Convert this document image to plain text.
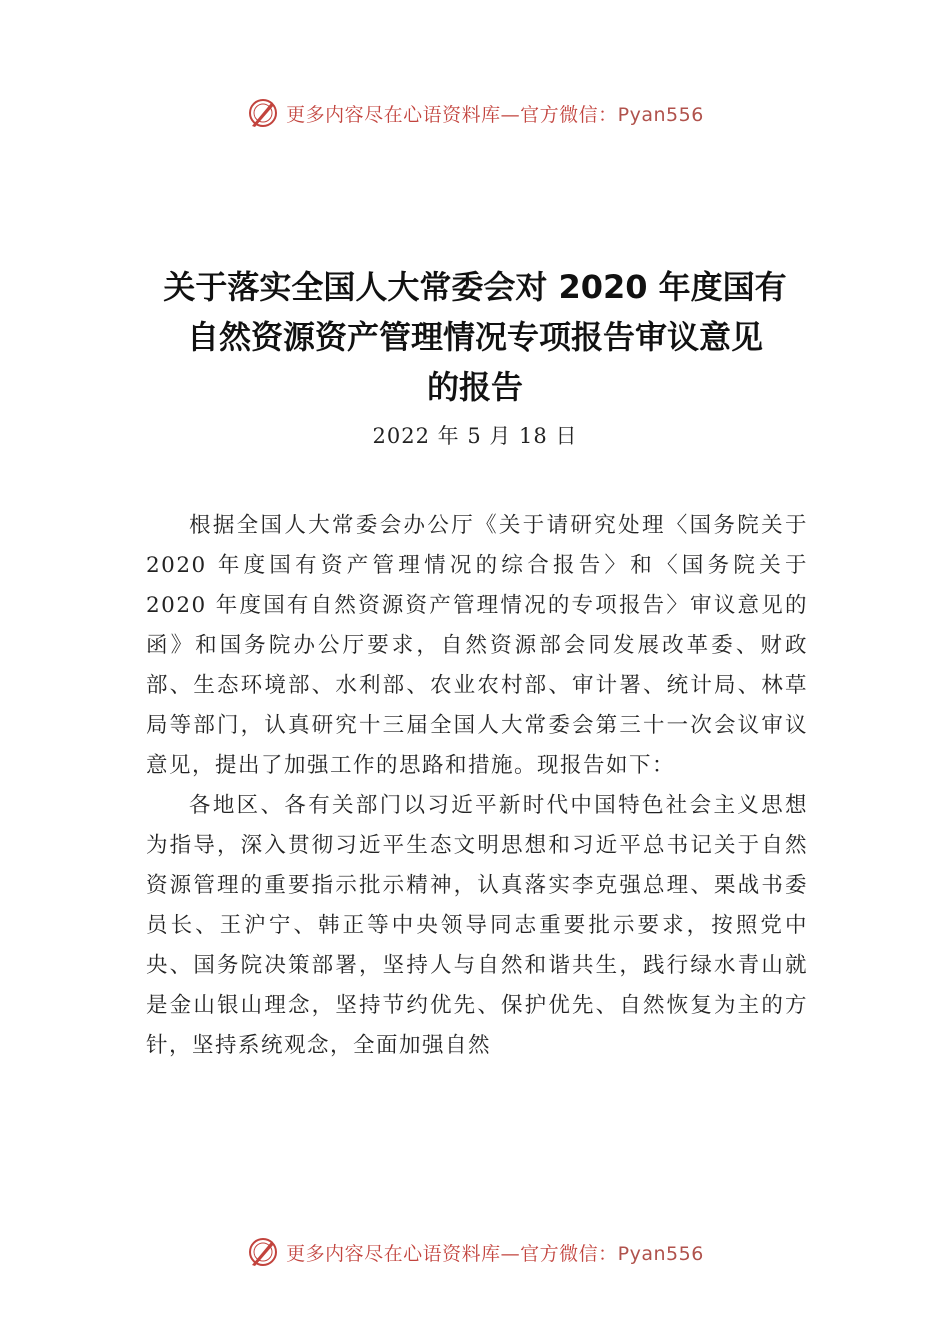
更多内容尽在心语资料库—官方微信：Pyan556
关于落实全国人大常委会对 2020 年度国有
自然资源资产管理情况专项报告审议意见
的报告
2022 年 5 月 18 日

根据全国人大常委会办公厅《关于请研究处理〈国务院关于 2020 年度国有资产管理情况的综合报告〉和〈国务院关于 2020 年度国有自然资源资产管理情况的专项报告〉审议意见的函》和国务院办公厅要求，自然资源部会同发展改革委、财政部、生态环境部、水利部、农业农村部、审计署、统计局、林草局等部门，认真研究十三届全国人大常委会第三十一次会议审议意见，提出了加强工作的思路和措施。现报告如下：

各地区、各有关部门以习近平新时代中国特色社会主义思想为指导，深入贯彻习近平生态文明思想和习近平总书记关于自然资源管理的重要指示批示精神，认真落实李克强总理、栗战书委员长、王沪宁、韩正等中央领导同志重要批示要求，按照党中央、国务院决策部署，坚持人与自然和谐共生，践行绿水青山就是金山银山理念，坚持节约优先、保护优先、自然恢复为主的方针，坚持系统观念，全面加强自然

更多内容尽在心语资料库—官方微信：Pyan556
